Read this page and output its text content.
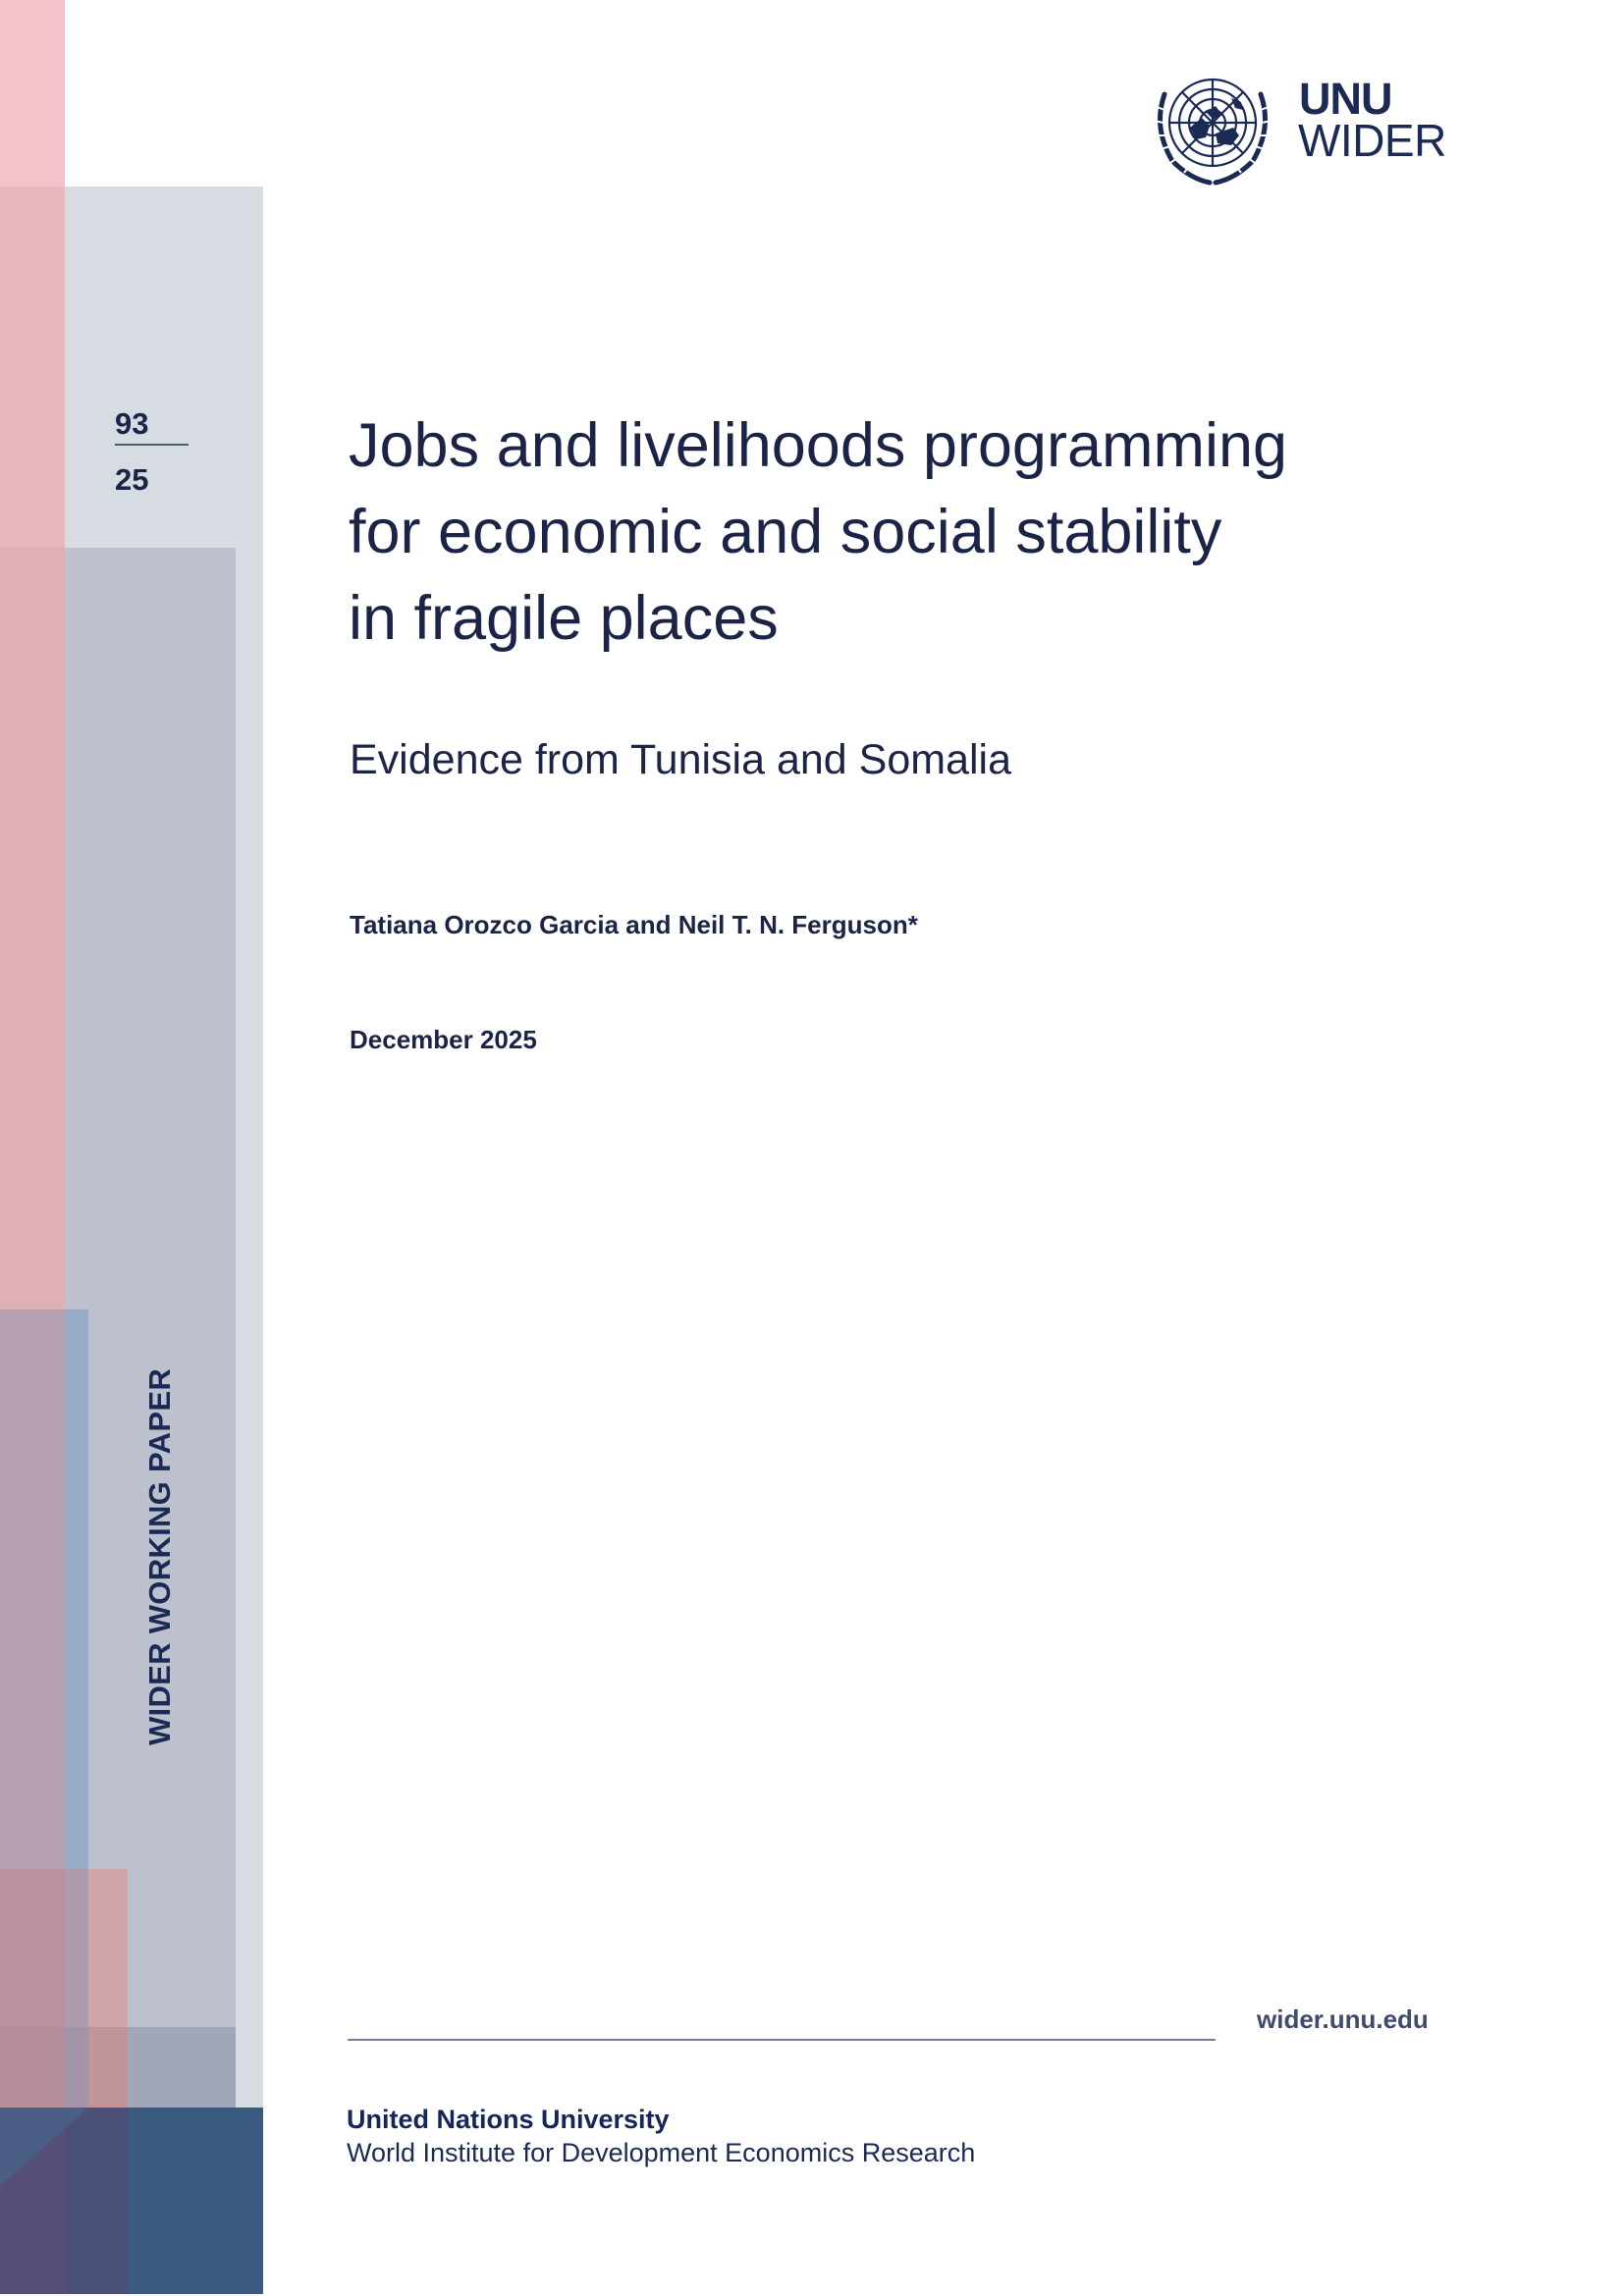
93
25
WIDER WORKING PAPER
UNU
WIDER
Jobs and livelihoods programming
for economic and social stability
in fragile places
Evidence from Tunisia and Somalia
Tatiana Orozco Garcia and Neil T. N. Ferguson*
December 2025
wider.unu.edu
United Nations University
World Institute for Development Economics Research
